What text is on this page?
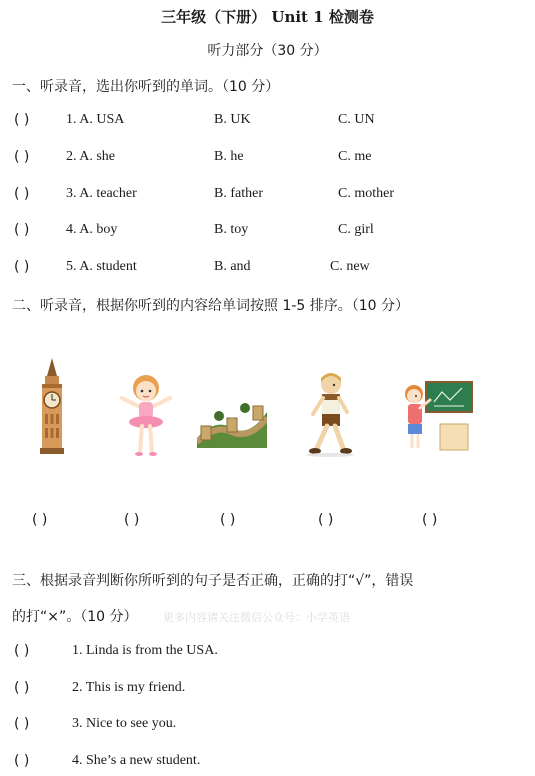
三年级（下册） Unit 1 检测卷
听力部分（30 分）
一、听录音，选出你听到的单词。（10 分）
( )	1. A. USA	B. UK	C. UN
( )	2. A. she	B. he	C. me
( )	3. A. teacher	B. father	C. mother
( )	4. A. boy	B. toy	C. girl
( )	5. A. student	B. and	C. new
二、听录音，根据你听到的内容给单词按照 1-5 排序。（10 分）
( )	( )	( )	( )	( )
三、根据录音判断你所听到的句子是否正确，正确的打“√”，错误
的打“×”。（10 分） 更多内容请关注微信公众号：小学英语
( )	1. Linda is from the USA.
( )	2. This is my friend.
( )	3. Nice to see you.
( )	4. She’s a new student.
